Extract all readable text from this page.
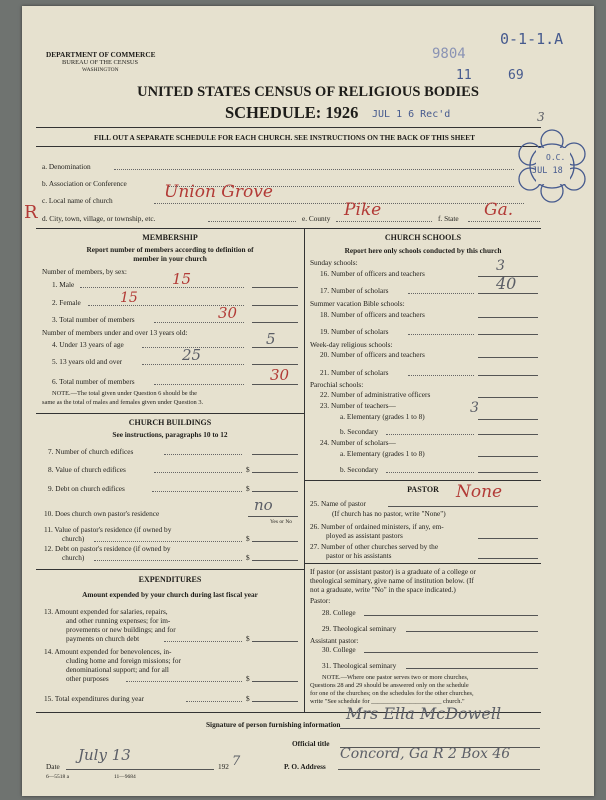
DEPARTMENT OF COMMERCE
BUREAU OF THE CENSUS
WASHINGTON
0-1-1.A
9804
11	69
UNITED STATES CENSUS OF RELIGIOUS BODIES
SCHEDULE: 1926 JUL 1 6 Rec'd	3
FILL OUT A SEPARATE SCHEDULE FOR EACH CHURCH. SEE INSTRUCTIONS ON THE BACK OF THIS SHEET
O.C.
JUL 18
a. Denomination
b. Association or Conference
c. Local name of church	Union Grove
R d. City, town, village, or township, etc.	e. County Pike	f. State Ga.
MEMBERSHIP
Report number of members according to definition of
member in your church
Number of members, by sex:
1. Male	15
2. Female	15
3. Total number of members	30
Number of members under and over 13 years old:
4. Under 13 years of age	5
5. 13 years old and over	25
6. Total number of members	30
NOTE.—The total given under Question 6 should be the
same as the total of males and females given under Question 3.
CHURCH BUILDINGS
See instructions, paragraphs 10 to 12
7. Number of church edifices
8. Value of church edifices	$
9. Debt on church edifices	$
10. Does church own pastor's residence	no
Yes or No
11. Value of pastor's residence (if owned by
church)	$
12. Debt on pastor's residence (if owned by
church)	$
EXPENDITURES
Amount expended by your church during last fiscal year
13. Amount expended for salaries, repairs,
and other running expenses; for im-
provements or new buildings; and for
payments on church debt	$
14. Amount expended for benevolences, in-
cluding home and foreign missions; for
denominational support; and for all
other purposes	$
15. Total expenditures during year	$
CHURCH SCHOOLS
Report here only schools conducted by this church
Sunday schools:
16. Number of officers and teachers	3
17. Number of scholars	40
Summer vacation Bible schools:
18. Number of officers and teachers
19. Number of scholars
Week-day religious schools:
20. Number of officers and teachers
21. Number of scholars
Parochial schools:
22. Number of administrative officers
23. Number of teachers—
a. Elementary (grades 1 to 8)
3
b. Secondary
24. Number of scholars—
a. Elementary (grades 1 to 8)
b. Secondary
PASTOR
25. Name of pastor
None
(If church has no pastor, write "None")
26. Number of ordained ministers, if any, em-
ployed as assistant pastors
27. Number of other churches served by the
pastor or his assistants
If pastor (or assistant pastor) is a graduate of a college or
theological seminary, give name of institution below. (If
not a graduate, write "No" in the space indicated.)
Pastor:
28. College
29. Theological seminary
Assistant pastor:
30. College
31. Theological seminary
NOTE.—Where one pastor serves two or more churches,
Questions 28 and 29 should be answered only on the schedule
for one of the churches; on the schedules for the other churches,
write "See schedule for ______________________ church."
Signature of person furnishing information
Mrs Ella McDowell
Official title
Date
July 13
192 7	P. O. Address
Concord, Ga R 2 Box 46
6—5518 a	11—9684
